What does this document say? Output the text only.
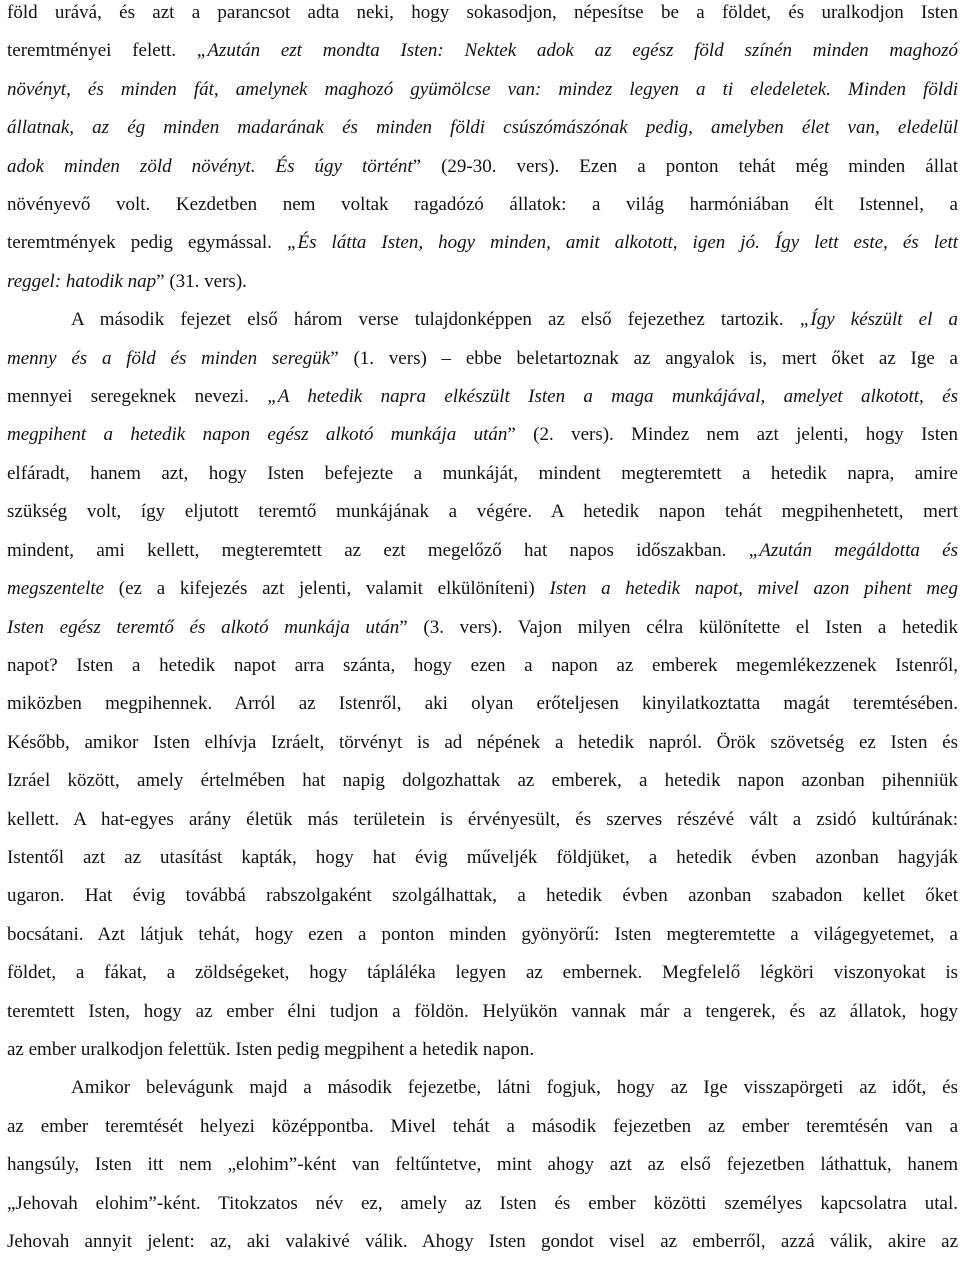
föld urává, és azt a parancsot adta neki, hogy sokasodjon, népesítse be a földet, és uralkodjon Isten
teremtményei felett. „Azután ezt mondta Isten: Nektek adok az egész föld színén minden maghozó
növényt, és minden fát, amelynek maghozó gyümölcse van: mindez legyen a ti eledeletek. Minden földi
állatnak, az ég minden madarának és minden földi csúszómászónak pedig, amelyben élet van, eledelül
adok minden zöld növényt. És úgy történt” (29-30. vers). Ezen a ponton tehát még minden állat
növényevő volt. Kezdetben nem voltak ragadózó állatok: a világ harmóniában élt Istennel, a
teremtmények pedig egymással. „És látta Isten, hogy minden, amit alkotott, igen jó. Így lett este, és lett
reggel: hatodik nap” (31. vers).
A második fejezet első három verse tulajdonképpen az első fejezethez tartozik. „Így készült el a
menny és a föld és minden seregük” (1. vers) – ebbe beletartoznak az angyalok is, mert őket az Ige a
mennyei seregeknek nevezi. „A hetedik napra elkészült Isten a maga munkájával, amelyet alkotott, és
megpihent a hetedik napon egész alkotó munkája után” (2. vers). Mindez nem azt jelenti, hogy Isten
elfáradt, hanem azt, hogy Isten befejezte a munkáját, mindent megteremtett a hetedik napra, amire
szükség volt, így eljutott teremtő munkájának a végére. A hetedik napon tehát megpihenhetett, mert
mindent, ami kellett, megteremtett az ezt megelőző hat napos időszakban. „Azután megáldotta és
megszentelte (ez a kifejezés azt jelenti, valamit elkülöníteni) Isten a hetedik napot, mivel azon pihent meg
Isten egész teremtő és alkotó munkája után” (3. vers). Vajon milyen célra különítette el Isten a hetedik
napot? Isten a hetedik napot arra szánta, hogy ezen a napon az emberek megemlékezzenek Istenről,
miközben megpihennek. Arról az Istenről, aki olyan erőteljesen kinyilatkoztatta magát teremtésében.
Később, amikor Isten elhívja Izráelt, törvényt is ad népének a hetedik napról. Örök szövetség ez Isten és
Izráel között, amely értelmében hat napig dolgozhattak az emberek, a hetedik napon azonban pihenniük
kellett. A hat-egyes arány életük más területein is érvényesült, és szerves részévé vált a zsidó kultúrának:
Istentől azt az utasítást kapták, hogy hat évig műveljék földjüket, a hetedik évben azonban hagyják
ugaron. Hat évig továbbá rabszolgaként szolgálhattak, a hetedik évben azonban szabadon kellet őket
bocsátani. Azt látjuk tehát, hogy ezen a ponton minden gyönyörű: Isten megteremtette a világegyetemet, a
földet, a fákat, a zöldségeket, hogy tápláléka legyen az embernek. Megfelelő légköri viszonyokat is
teremtett Isten, hogy az ember élni tudjon a földön. Helyükön vannak már a tengerek, és az állatok, hogy
az ember uralkodjon felettük. Isten pedig megpihent a hetedik napon.
Amikor belevágunk majd a második fejezetbe, látni fogjuk, hogy az Ige visszapörgeti az időt, és
az ember teremtését helyezi középpontba. Mivel tehát a második fejezetben az ember teremtésén van a
hangsúly, Isten itt nem „elohim”-ként van feltűntetve, mint ahogy azt az első fejezetben láthattuk, hanem
„Jehovah elohim”-ként. Titokzatos név ez, amely az Isten és ember közötti személyes kapcsolatra utal.
Jehovah annyit jelent: az, aki valakivé válik. Ahogy Isten gondot visel az emberről, azzá válik, akire az
